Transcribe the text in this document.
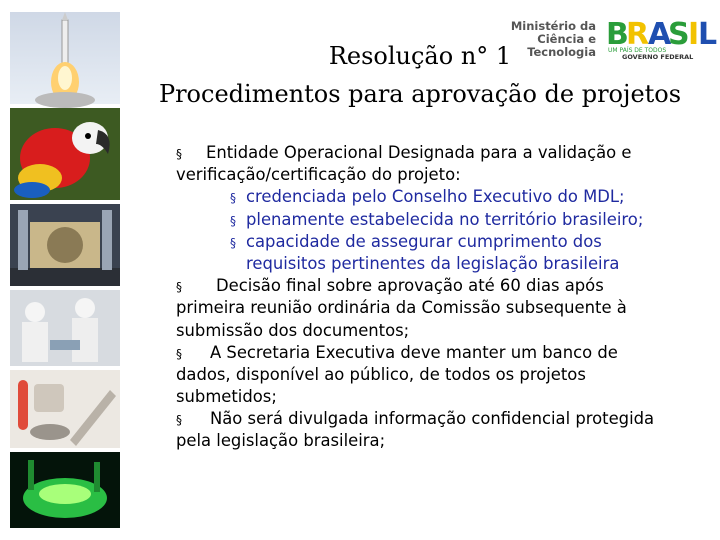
Ministério da
Ciência e Tecnologia B
R
A
S
I
L
UM PAÍS DE TODOS
GOVERNO FEDERAL
Resolução n° 1
Procedimentos para aprovação de projetos
§ Entidade Operacional Designada para a validação e
verificação/certificação do projeto:
§ credenciada pelo Conselho Executivo do MDL;
§ plenamente estabelecida no território brasileiro;
§ capacidade de assegurar cumprimento dos
requisitos pertinentes da legislação brasileira
§ Decisão final sobre aprovação até 60 dias após
primeira reunião ordinária da Comissão subsequente à
submissão dos documentos;
§ A Secretaria Executiva deve manter um banco de
dados, disponível ao público, de todos os projetos
submetidos;
§ Não será divulgada informação confidencial protegida
pela legislação brasileira;
